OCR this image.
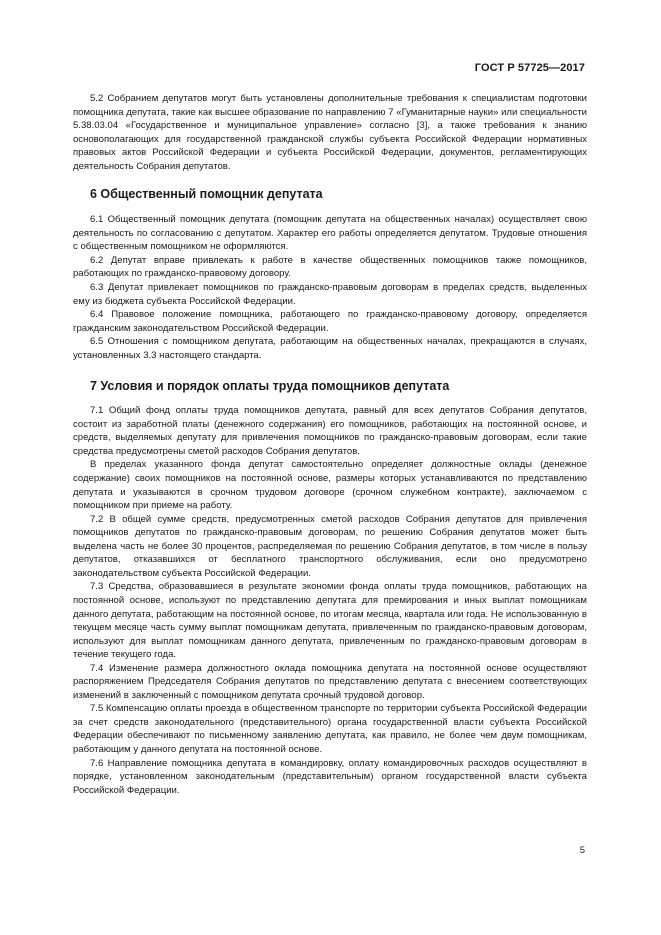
ГОСТ Р 57725—2017

5.2 Собранием депутатов могут быть установлены дополнительные требования к специалистам подготовки помощника депутата, такие как высшее образование по направлению 7 «Гуманитарные науки» или специальности 5.38.03.04 «Государственное и муниципальное управление» согласно [3], а также требования к знанию основополагающих для государственной гражданской службы субъекта Российской Федерации нормативных правовых актов Российской Федерации и субъекта Российской Федерации, документов, регламентирующих деятельность Собрания депутатов.

6 Общественный помощник депутата

6.1 Общественный помощник депутата (помощник депутата на общественных началах) осуществляет свою деятельность по согласованию с депутатом. Характер его работы определяется депутатом. Трудовые отношения с общественным помощником не оформляются.

6.2 Депутат вправе привлекать к работе в качестве общественных помощников также помощников, работающих по гражданско-правовому договору.

6.3 Депутат привлекает помощников по гражданско-правовым договорам в пределах средств, выделенных ему из бюджета субъекта Российской Федерации.

6.4 Правовое положение помощника, работающего по гражданско-правовому договору, определяется гражданским законодательством Российской Федерации.

6.5 Отношения с помощником депутата, работающим на общественных началах, прекращаются в случаях, установленных 3.3 настоящего стандарта.

7 Условия и порядок оплаты труда помощников депутата

7.1 Общий фонд оплаты труда помощников депутата, равный для всех депутатов Собрания депутатов, состоит из заработной платы (денежного содержания) его помощников, работающих на постоянной основе, и средств, выделяемых депутату для привлечения помощников по гражданско-правовым договорам, если такие средства предусмотрены сметой расходов Собрания депутатов.

В пределах указанного фонда депутат самостоятельно определяет должностные оклады (денежное содержание) своих помощников на постоянной основе, размеры которых устанавливаются по представлению депутата и указываются в срочном трудовом договоре (срочном служебном контракте), заключаемом с помощником при приеме на работу.

7.2 В общей сумме средств, предусмотренных сметой расходов Собрания депутатов для привлечения помощников депутатов по гражданско-правовым договорам, по решению Собрания депутатов может быть выделена часть не более 30 процентов, распределяемая по решению Собрания депутатов, в том числе в пользу депутатов, отказавшихся от бесплатного транспортного обслуживания, если оно предусмотрено законодательством субъекта Российской Федерации.

7.3 Средства, образовавшиеся в результате экономии фонда оплаты труда помощников, работающих на постоянной основе, используют по представлению депутата для премирования и иных выплат помощникам данного депутата, работающим на постоянной основе, по итогам месяца, квартала или года. Не использованную в текущем месяце часть сумму выплат помощникам депутата, привлеченным по гражданско-правовым договорам, используют для выплат помощникам данного депутата, привлеченным по гражданско-правовым договорам в течение текущего года.

7.4 Изменение размера должностного оклада помощника депутата на постоянной основе осуществляют распоряжением Председателя Собрания депутатов по представлению депутата с внесением соответствующих изменений в заключенный с помощником депутата срочный трудовой договор.

7.5 Компенсацию оплаты проезда в общественном транспорте по территории субъекта Российской Федерации за счет средств законодательного (представительного) органа государственной власти субъекта Российской Федерации обеспечивают по письменному заявлению депутата, как правило, не более чем двум помощникам, работающим у данного депутата на постоянной основе.

7.6 Направление помощника депутата в командировку, оплату командировочных расходов осуществляют в порядке, установленном законодательным (представительным) органом государственной власти субъекта Российской Федерации.

5
